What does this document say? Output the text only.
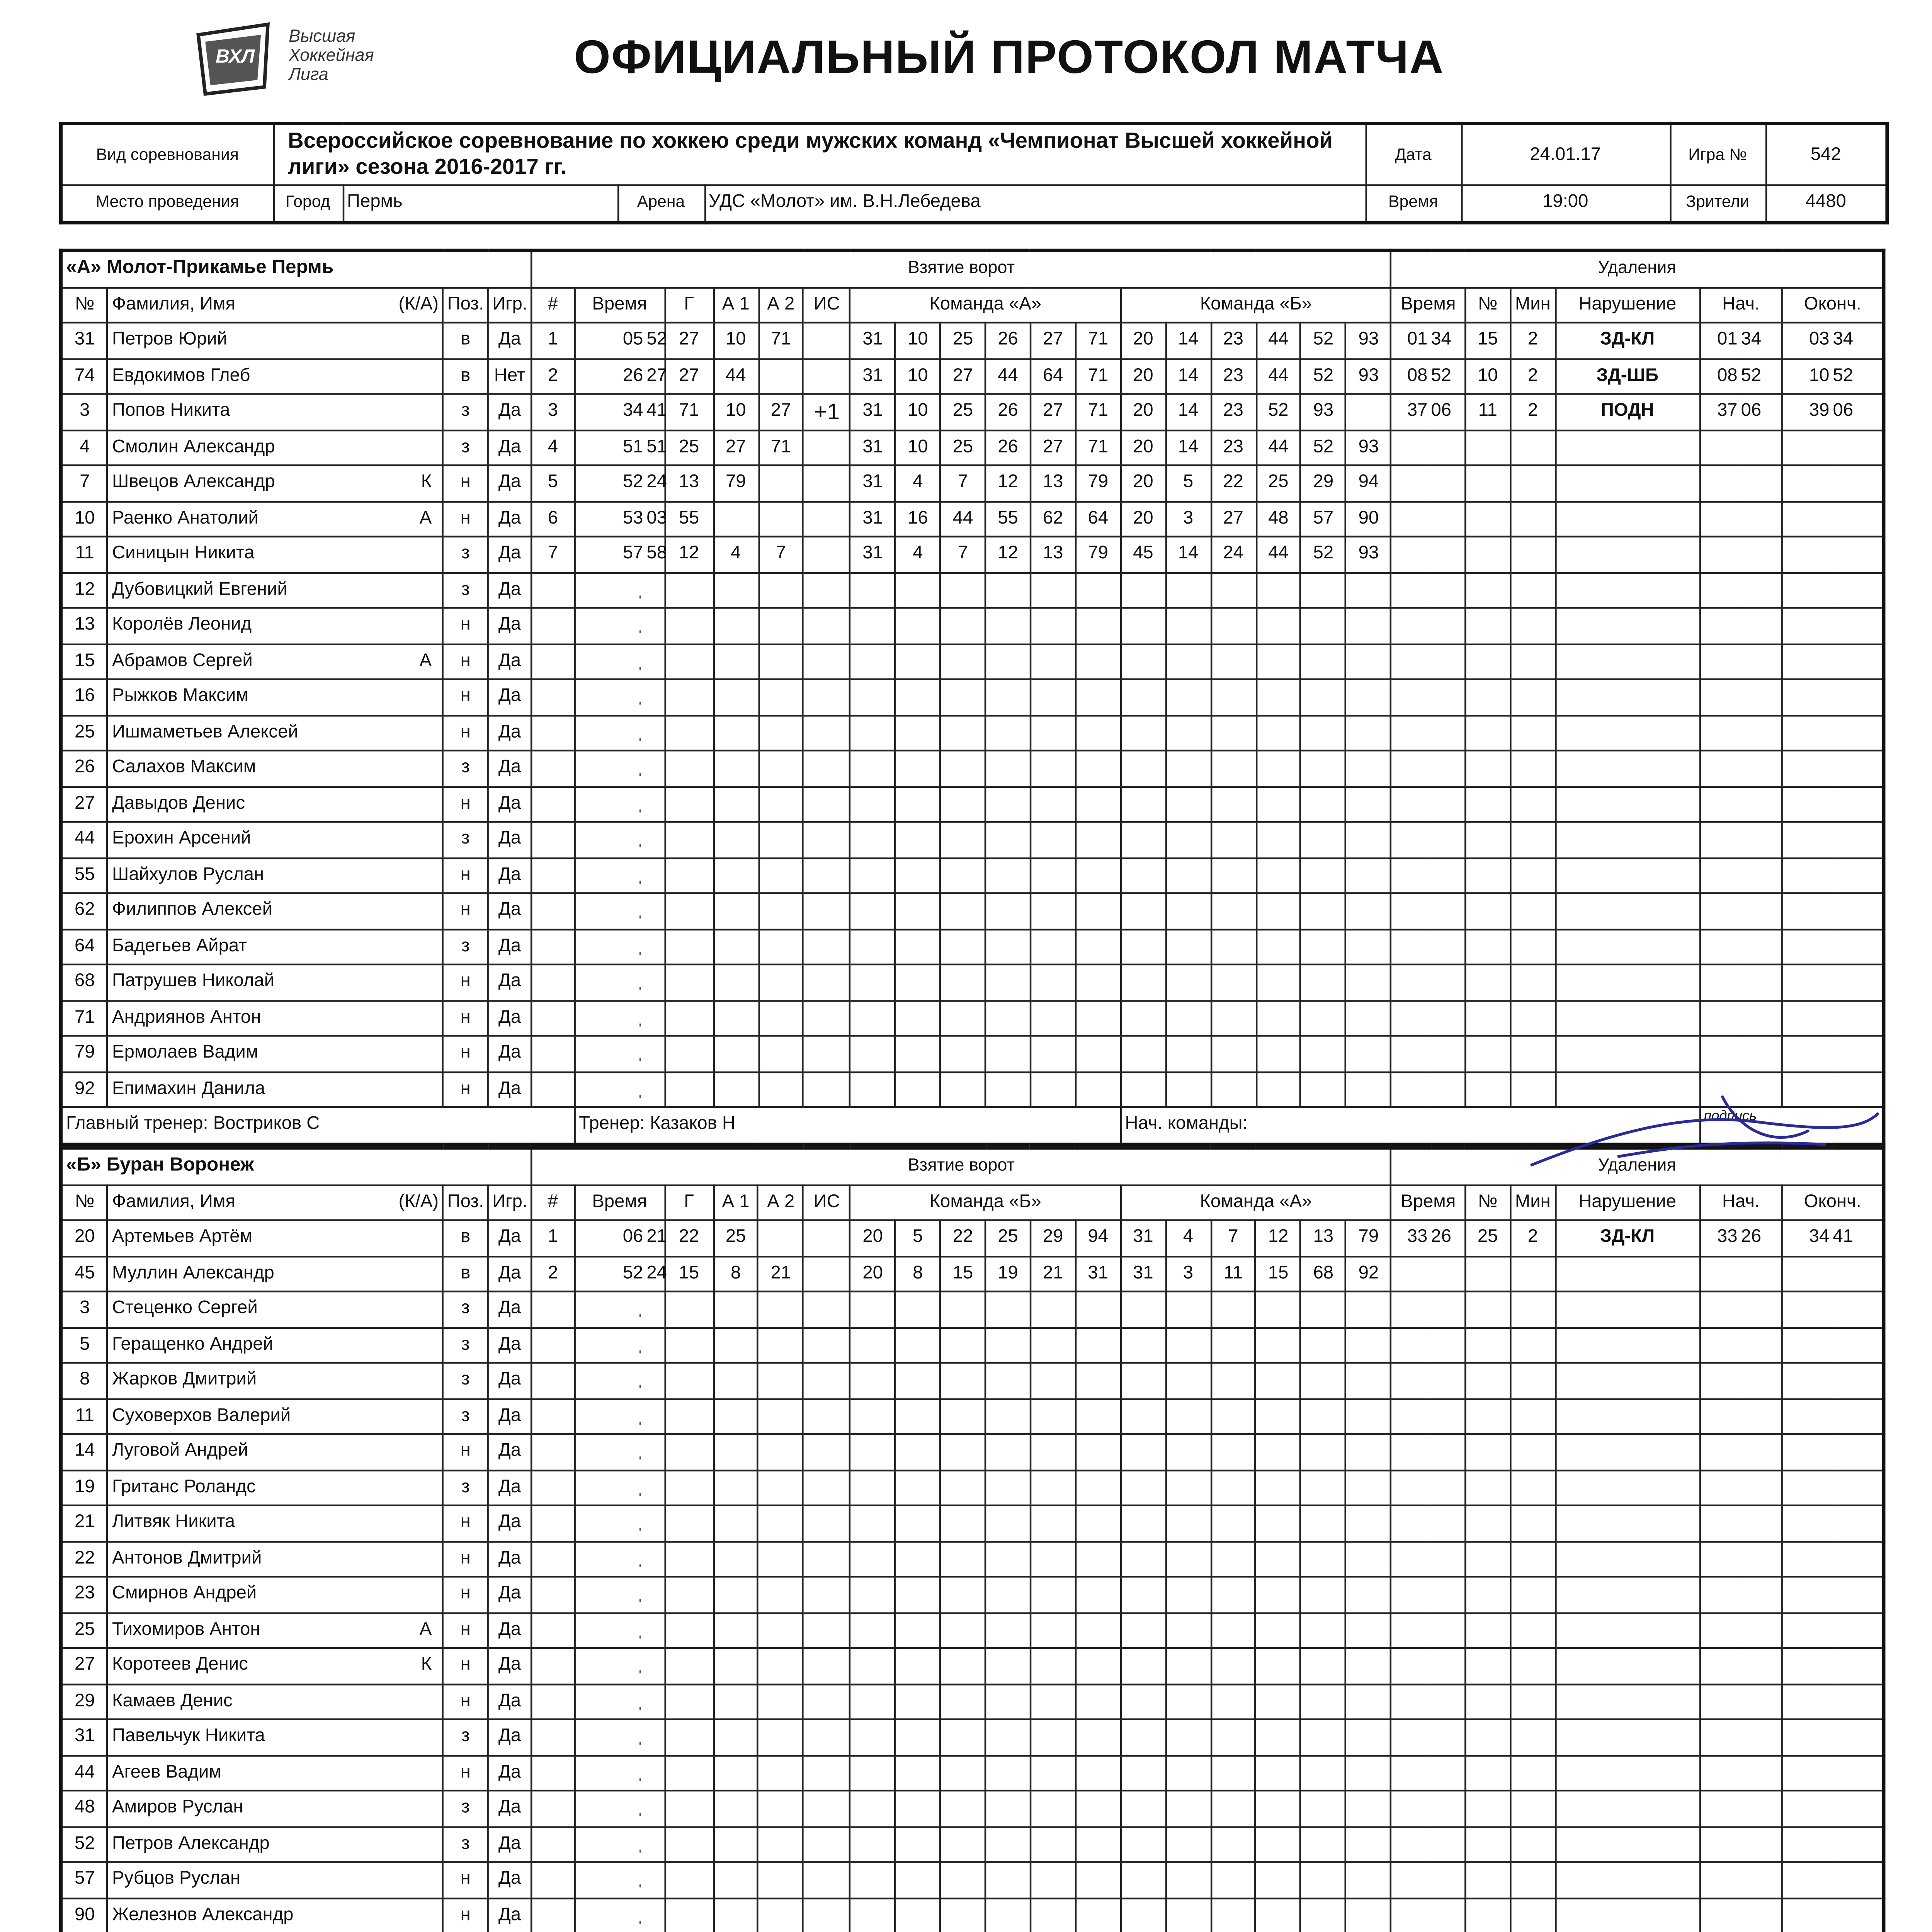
ВХЛ
Высшая Хоккейная Лига	ОФИЦИАЛЬНЫЙ ПРОТОКОЛ МАТЧА
Вид соревнования	Всероссийское соревнование по хоккею среди мужских команд «Чемпионат Высшей хоккейной лиги» сезона 2016-2017 гг.				Дата	24.01.17	Игра №	542
Место проведения	Город	Пермь	Арена	УДС «Молот» им. В.Н.Лебедева	Время	19:00	Зрители	4480
«А» Молот-Прикамье Пермь				Взятие ворот																			Удаления								
№	Фамилия, Имя (К/А)	Поз.	Игр.	#	Время		Г	А 1	А 2	ИС	Команда «А»						Команда «Б»						Время		№	Мин	Нарушение	Нач.		Оконч.	
31	Петров Юрий	в	Да	1	05	52	27	10	71		31	10	25	26	27	71	20	14	23	44	52	93	01	34	15	2	ЗД-КЛ	01	34	03	34
74	Евдокимов Глеб	в	Нет	2	26	27	27	44			31	10	27	44	64	71	20	14	23	44	52	93	08	52	10	2	ЗД-ШБ	08	52	10	52
3	Попов Никита	з	Да	3	34	41	71	10	27	+1	31	10	25	26	27	71	20	14	23	52	93		37	06	11	2	ПОДН	37	06	39	06
4	Смолин Александр	з	Да	4	51	51	25	27	71		31	10	25	26	27	71	20	14	23	44	52	93									
7	Швецов Александр К	н	Да	5	52	24	13	79			31	4	7	12	13	79	20	5	22	25	29	94									
10	Раенко Анатолий А	н	Да	6	53	03	55				31	16	44	55	62	64	20	3	27	48	57	90									
11	Синицын Никита	з	Да	7	57	58	12	4	7		31	4	7	12	13	79	45	14	24	44	52	93									
12	Дубовицкий Евгений	з	Да		ˌ																										
13	Королёв Леонид	н	Да		ˌ																										
15	Абрамов Сергей А	н	Да		ˌ																										
16	Рыжков Максим	н	Да		ˌ																										
25	Ишмаметьев Алексей	н	Да		ˌ																										
26	Салахов Максим	з	Да		ˌ																										
27	Давыдов Денис	н	Да		ˌ																										
44	Ерохин Арсений	з	Да		ˌ																										
55	Шайхулов Руслан	н	Да		ˌ																										
62	Филиппов Алексей	н	Да		ˌ																										
64	Бадегьев Айрат	з	Да		ˌ																										
68	Патрушев Николай	н	Да		ˌ																										
71	Андриянов Антон	н	Да		ˌ																										
79	Ермолаев Вадим	н	Да		ˌ																										
92	Епимахин Данила	н	Да		ˌ																										
Главный тренер: Востриков С					Тренер: Казаков Н												Нач. команды:											подпись			
«Б» Буран Воронеж				Взятие ворот																			Удаления								
№	Фамилия, Имя (К/А)	Поз.	Игр.	#	Время		Г	А 1	А 2	ИС	Команда «Б»						Команда «А»						Время		№	Мин	Нарушение	Нач.		Оконч.	
20	Артемьев Артём	в	Да	1	06	21	22	25			20	5	22	25	29	94	31	4	7	12	13	79	33	26	25	2	ЗД-КЛ	33	26	34	41
45	Муллин Александр	в	Да	2	52	24	15	8	21		20	8	15	19	21	31	31	3	11	15	68	92									
3	Стеценко Сергей	з	Да		ˌ																										
5	Геращенко Андрей	з	Да		ˌ																										
8	Жарков Дмитрий	з	Да		ˌ																										
11	Суховерхов Валерий	з	Да		ˌ																										
14	Луговой Андрей	н	Да		ˌ																										
19	Гританс Роландс	з	Да		ˌ																										
21	Литвяк Никита	н	Да		ˌ																										
22	Антонов Дмитрий	н	Да		ˌ																										
23	Смирнов Андрей	н	Да		ˌ																										
25	Тихомиров Антон А	н	Да		ˌ																										
27	Коротеев Денис К	н	Да		ˌ																										
29	Камаев Денис	н	Да		ˌ																										
31	Павельчук Никита	з	Да		ˌ																										
44	Агеев Вадим	н	Да		ˌ																										
48	Амиров Руслан	з	Да		ˌ																										
52	Петров Александр	з	Да		ˌ																										
57	Рубцов Руслан	н	Да		ˌ																										
90	Железнов Александр	н	Да		ˌ																										
